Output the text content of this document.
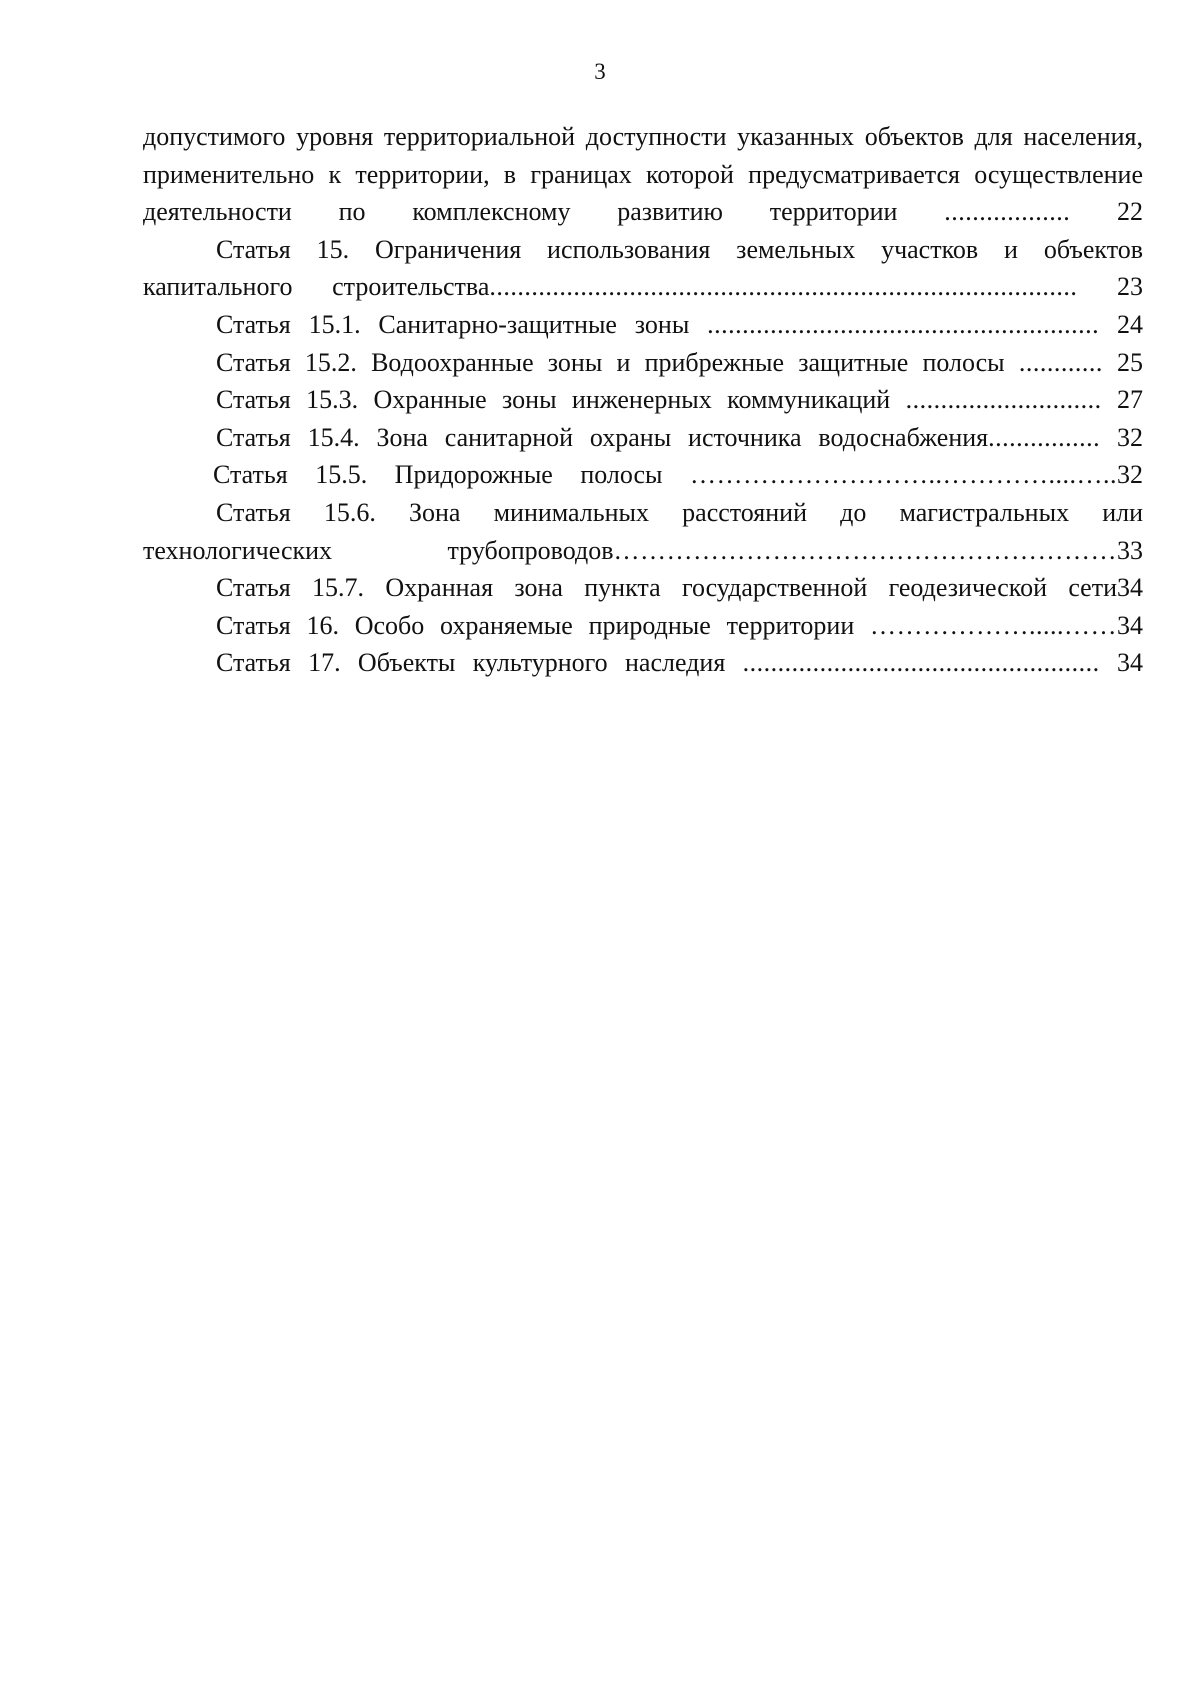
3
допустимого уровня территориальной доступности указанных объектов для населения, применительно к территории, в границах которой предусматривается осуществление деятельности по комплексному развитию территории .................. 22
Статья 15. Ограничения использования земельных участков и объектов капитального строительства.................................................................................... 23
Статья 15.1. Санитарно-защитные зоны ........................................................ 24
Статья 15.2. Водоохранные зоны и прибрежные защитные полосы ............ 25
Статья 15.3. Охранные зоны инженерных коммуникаций ............................ 27
Статья 15.4. Зона санитарной охраны источника водоснабжения................ 32
Статья 15.5. Придорожные полосы ………………………..…………....…..32
Статья 15.6. Зона минимальных расстояний до магистральных или технологических трубопроводов…………………………………………………33
Статья 15.7. Охранная зона пункта государственной геодезической сети34
Статья 16. Особо охраняемые природные территории ……………….....……34
Статья 17. Объекты культурного наследия ................................................... 34
